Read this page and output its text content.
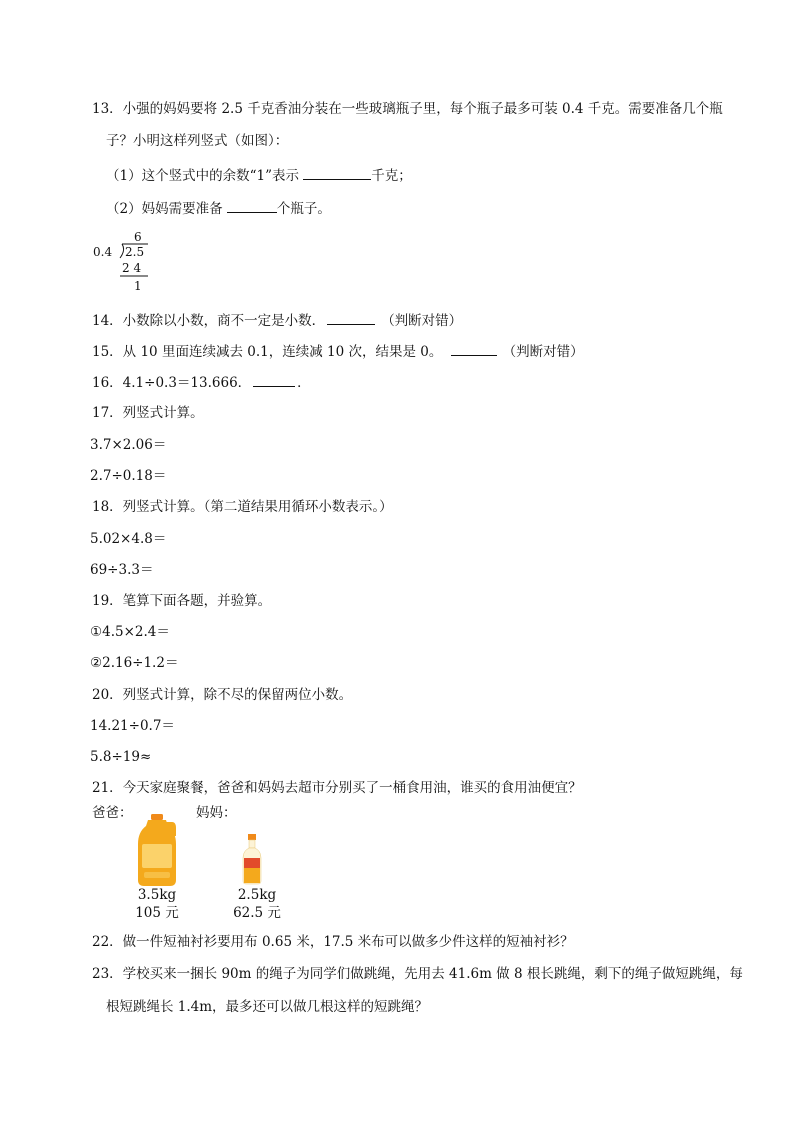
13．小强的妈妈要将 2.5 千克香油分装在一些玻璃瓶子里，每个瓶子最多可装 0.4 千克。需要准备几个瓶
子？小明这样列竖式（如图）：
（1）这个竖式中的余数“1”表示	千克；
（2）妈妈需要准备	个瓶子。
6
0.4 2.5
2 4
1
14．小数除以小数，商不一定是小数．	（判断对错）
15．从 10 里面连续减去 0.1，连续减 10 次，结果是 0。	（判断对错）
16．4.1÷0.3＝13.666．	．
17．列竖式计算。
3.7×2.06＝
2.7÷0.18＝
18．列竖式计算。（第二道结果用循环小数表示。）
5.02×4.8＝
69÷3.3＝
19．笔算下面各题，并验算。
①4.5×2.4＝
②2.16÷1.2＝
20．列竖式计算，除不尽的保留两位小数。
14.21÷0.7＝
5.8÷19≈
21．今天家庭聚餐，爸爸和妈妈去超市分别买了一桶食用油，谁买的食用油便宜？
爸爸：	妈妈：
3.5kg
105 元
2.5kg
62.5 元
22．做一件短袖衬衫要用布 0.65 米，17.5 米布可以做多少件这样的短袖衬衫？
23．学校买来一捆长 90m 的绳子为同学们做跳绳，先用去 41.6m 做 8 根长跳绳，剩下的绳子做短跳绳，每
根短跳绳长 1.4m，最多还可以做几根这样的短跳绳？
